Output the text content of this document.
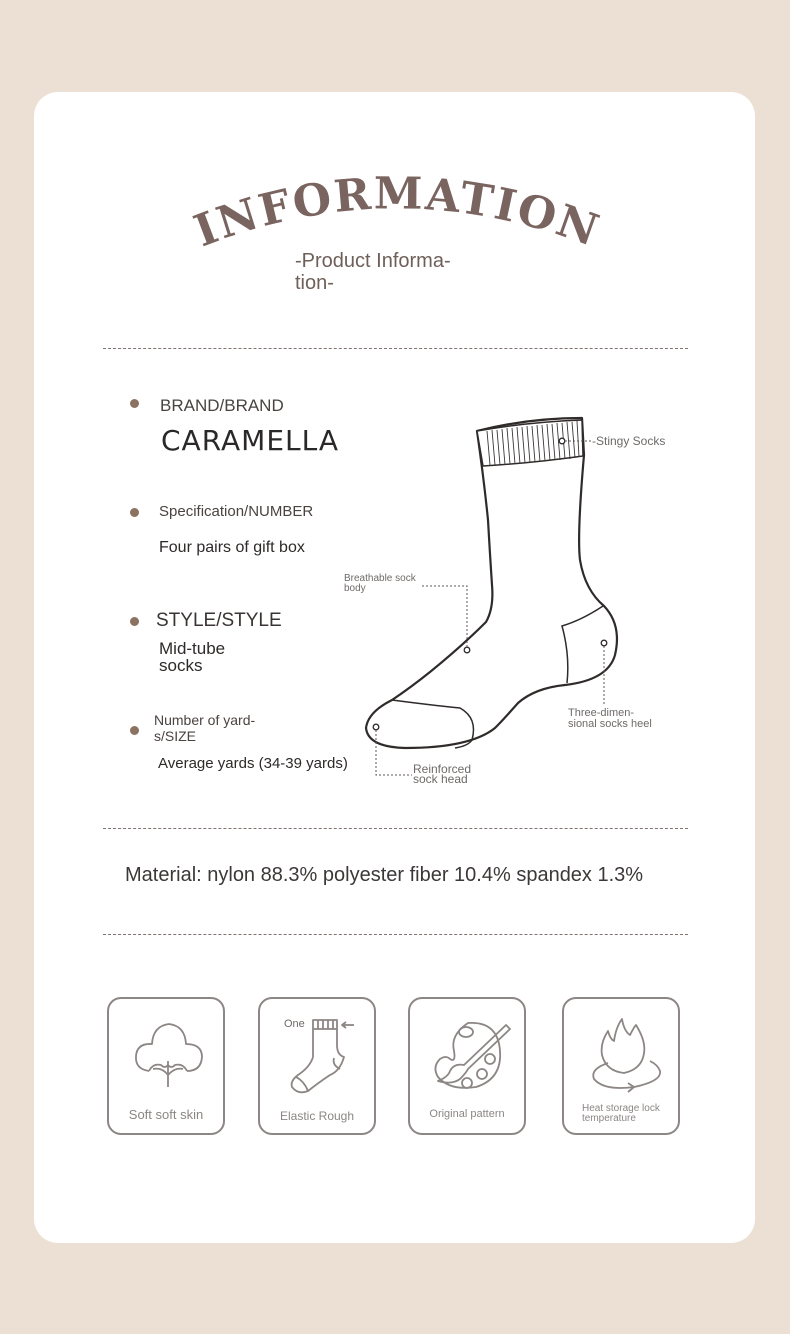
INFORMATION
-Product Informa-tion-
BRAND/BRAND
CARAMELLA
Specification/NUMBER
Four pairs of gift box
STYLE/STYLE
Mid-tube socks
Number of yard-s/SIZE
Average yards (34-39 yards)
-Stingy Socks
Breathable sock body
Three-dimen-sional socks heel
Reinforced sock head
Material: nylon 88.3% polyester fiber 10.4% spandex 1.3%
Soft soft skin
One
Elastic Rough	Original pattern	Heat storage lock temperature
